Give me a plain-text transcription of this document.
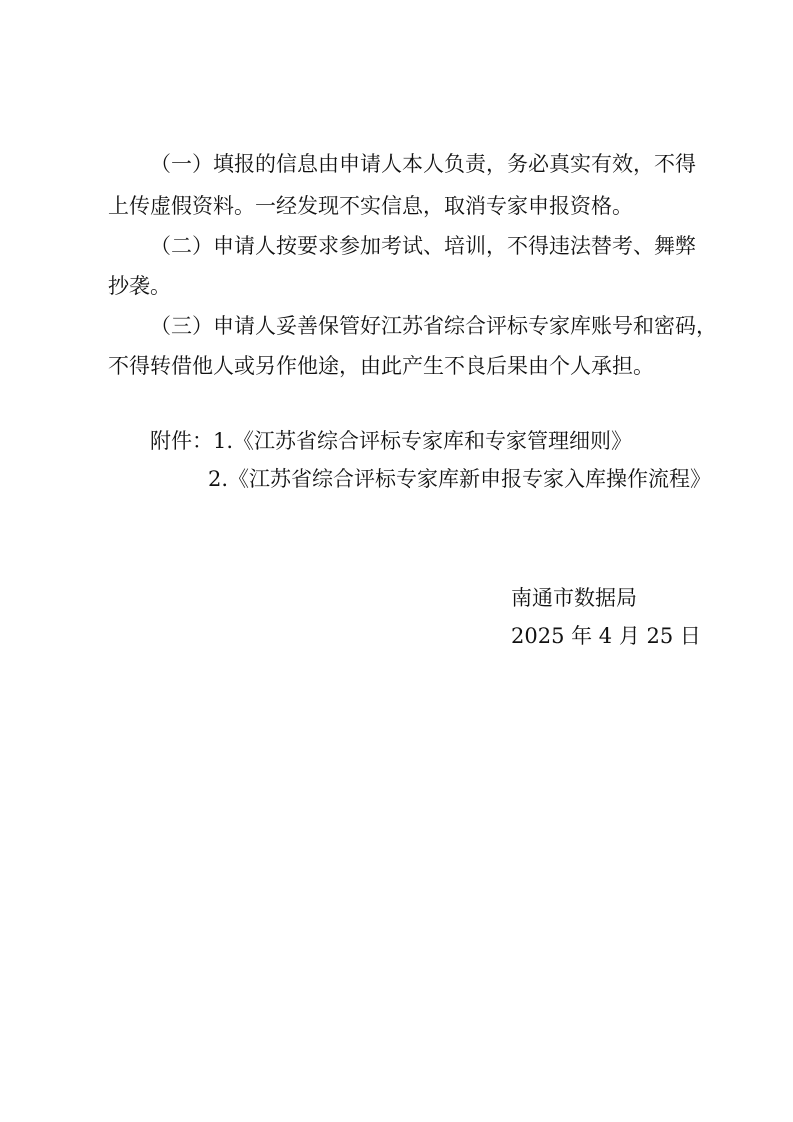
（一）填报的信息由申请人本人负责，务必真实有效，不得
上传虚假资料。一经发现不实信息，取消专家申报资格。
（二）申请人按要求参加考试、培训，不得违法替考、舞弊
抄袭。
（三）申请人妥善保管好江苏省综合评标专家库账号和密码，
不得转借他人或另作他途，由此产生不良后果由个人承担。
附件：1.《江苏省综合评标专家库和专家管理细则》
2.《江苏省综合评标专家库新申报专家入库操作流程》
南通市数据局
2025 年 4 月 25 日
